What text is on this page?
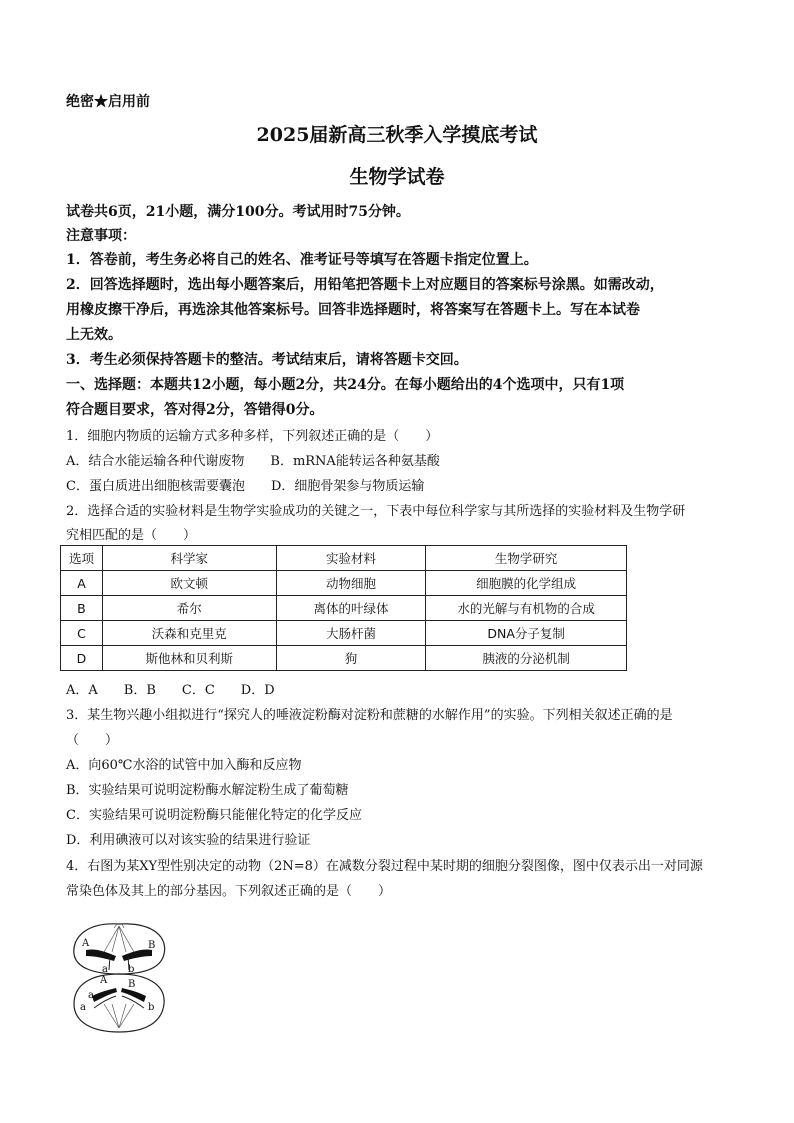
绝密★启用前
2025届新高三秋季入学摸底考试
生物学试卷
试卷共6页，21小题，满分100分。考试用时75分钟。
注意事项：
1．答卷前，考生务必将自己的姓名、准考证号等填写在答题卡指定位置上。
2．回答选择题时，选出每小题答案后，用铅笔把答题卡上对应题目的答案标号涂黑。如需改动，
用橡皮擦干净后，再选涂其他答案标号。回答非选择题时，将答案写在答题卡上。写在本试卷
上无效。
3．考生必须保持答题卡的整洁。考试结束后，请将答题卡交回。
一、选择题：本题共12小题，每小题2分，共24分。在每小题给出的4个选项中，只有1项
符合题目要求，答对得2分，答错得0分。
1．细胞内物质的运输方式多种多样，下列叙述正确的是（　　）
A．结合水能运输各种代谢废物　　B．mRNA能转运各种氨基酸
C．蛋白质进出细胞核需要囊泡　　D．细胞骨架参与物质运输
2．选择合适的实验材料是生物学实验成功的关键之一，下表中每位科学家与其所选择的实验材料及生物学研
究相匹配的是（　　）
选项	科学家	实验材料	生物学研究
A	欧文顿	动物细胞	细胞膜的化学组成
B	希尔	离体的叶绿体	水的光解与有机物的合成
C	沃森和克里克	大肠杆菌	DNA分子复制
D	斯他林和贝利斯	狗	胰液的分泌机制
A．A　　B．B　　C．C　　D．D
3．某生物兴趣小组拟进行“探究人的唾液淀粉酶对淀粉和蔗糖的水解作用”的实验。下列相关叙述正确的是
（　　）
A．向60℃水浴的试管中加入酶和反应物
B．实验结果可说明淀粉酶水解淀粉生成了葡萄糖
C．实验结果可说明淀粉酶只能催化特定的化学反应
D．利用碘液可以对该实验的结果进行验证
4．右图为某XY型性别决定的动物（2N=8）在减数分裂过程中某时期的细胞分裂图像，图中仅表示出一对同源
常染色体及其上的部分基因。下列叙述正确的是（　　）
A	B
a b
A B
a
a	b
